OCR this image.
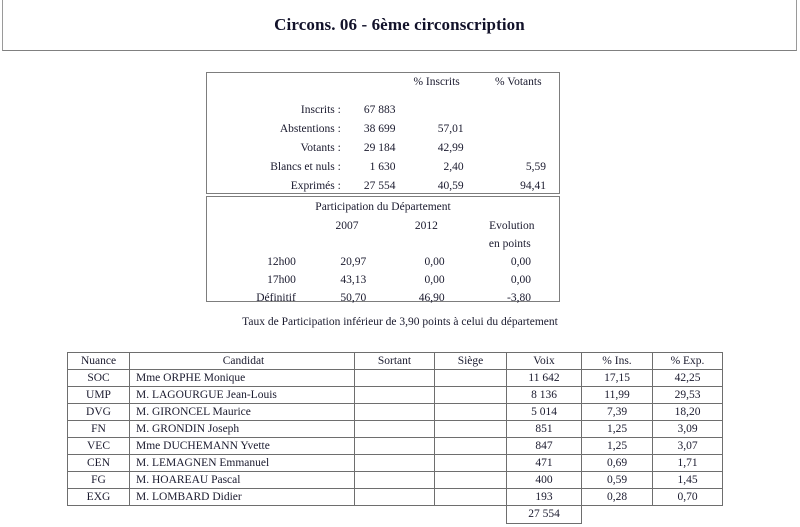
Circons. 06 - 6ème circonscription
		% Inscrits	% Votants

Inscrits :	67 883		
Abstentions :	38 699	57,01	
Votants :	29 184	42,99	
Blancs et nuls :	1 630	2,40	5,59
Exprimés :	27 554	40,59	94,41
Participation du Département
	2007	2012	Evolution
			en points
12h00	20,97	0,00	0,00
17h00	43,13	0,00	0,00
Définitif	50,70	46,90	-3,80
Taux de Participation inférieur de 3,90 points à celui du département
Nuance	Candidat	Sortant	Siège	Voix	% Ins.	% Exp.
SOC	Mme ORPHE Monique			11 642	17,15	42,25
UMP	M. LAGOURGUE Jean-Louis			8 136	11,99	29,53
DVG	M. GIRONCEL Maurice			5 014	7,39	18,20
FN	M. GRONDIN Joseph			851	1,25	3,09
VEC	Mme DUCHEMANN Yvette			847	1,25	3,07
CEN	M. LEMAGNEN Emmanuel			471	0,69	1,71
FG	M. HOAREAU Pascal			400	0,59	1,45
EXG	M. LOMBARD Didier			193	0,28	0,70
				27 554		
